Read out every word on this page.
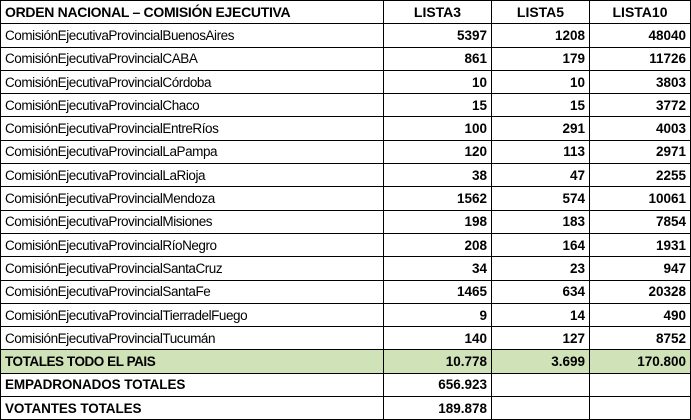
ORDEN NACIONAL – COMISIÓN EJECUTIVA	LISTA3	LISTA5	LISTA10
ComisiónEjecutivaProvincialBuenosAires	5397	1208	48040
ComisiónEjecutivaProvincialCABA	861	179	11726
ComisiónEjecutivaProvincialCórdoba	10	10	3803
ComisiónEjecutivaProvincialChaco	15	15	3772
ComisiónEjecutivaProvincialEntreRíos	100	291	4003
ComisiónEjecutivaProvincialLaPampa	120	113	2971
ComisiónEjecutivaProvincialLaRioja	38	47	2255
ComisiónEjecutivaProvincialMendoza	1562	574	10061
ComisiónEjecutivaProvincialMisiones	198	183	7854
ComisiónEjecutivaProvincialRíoNegro	208	164	1931
ComisiónEjecutivaProvincialSantaCruz	34	23	947
ComisiónEjecutivaProvincialSantaFe	1465	634	20328
ComisiónEjecutivaProvincialTierradelFuego	9	14	490
ComisiónEjecutivaProvincialTucumán	140	127	8752
TOTALES TODO EL PAIS	10.778	3.699	170.800
EMPADRONADOS TOTALES	656.923		
VOTANTES TOTALES	189.878		
